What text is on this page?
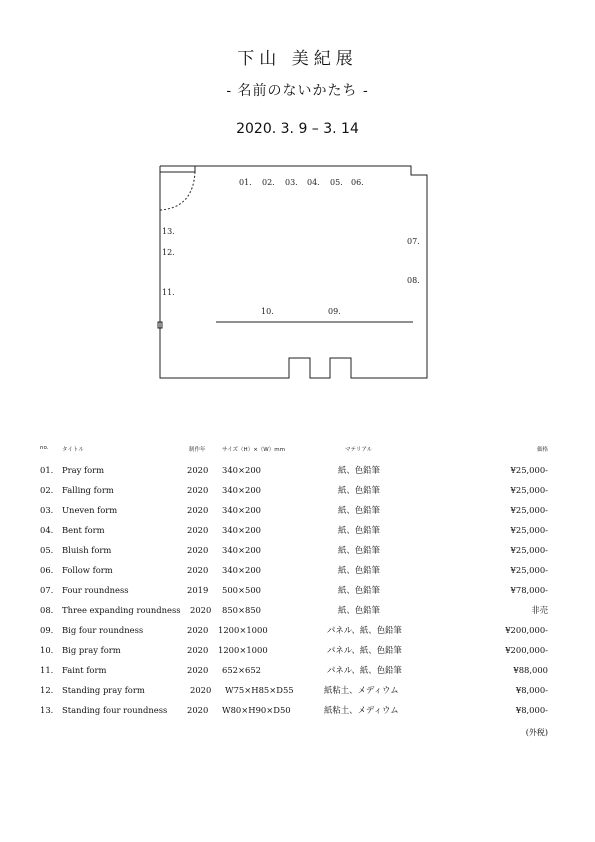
下山 美紀展
- 名前のないかたち -
2020. 3. 9 – 3. 14
01. 02. 03. 04. 05. 06.
07.
08.
09.
10.
11.
12.
13.
no. タイトル	制作年	サイズ（H）×（W）mm	マテリアル	価格
01. Pray form	2020 340×200	紙、色鉛筆	¥25,000-
02. Falling form	2020 340×200	紙、色鉛筆	¥25,000-
03. Uneven form	2020 340×200	紙、色鉛筆	¥25,000-
04. Bent form	2020 340×200	紙、色鉛筆	¥25,000-
05. Bluish form	2020 340×200	紙、色鉛筆	¥25,000-
06. Follow form	2020 340×200	紙、色鉛筆	¥25,000-
07. Four roundness	2019 500×500	紙、色鉛筆	¥78,000-
08. Three expanding roundness 2020 850×850	紙、色鉛筆	非売
09. Big four roundness	2020 1200×1000	パネル、紙、色鉛筆	¥200,000-
10. Big pray form	2020 1200×1000	パネル、紙、色鉛筆	¥200,000-
11. Faint form	2020 652×652	パネル、紙、色鉛筆	¥88,000
12. Standing pray form	2020 W75×H85×D55	紙粘土、メディウム	¥8,000-
13. Standing four roundness 2020 W80×H90×D50	紙粘土、メディウム	¥8,000-
(外税)
